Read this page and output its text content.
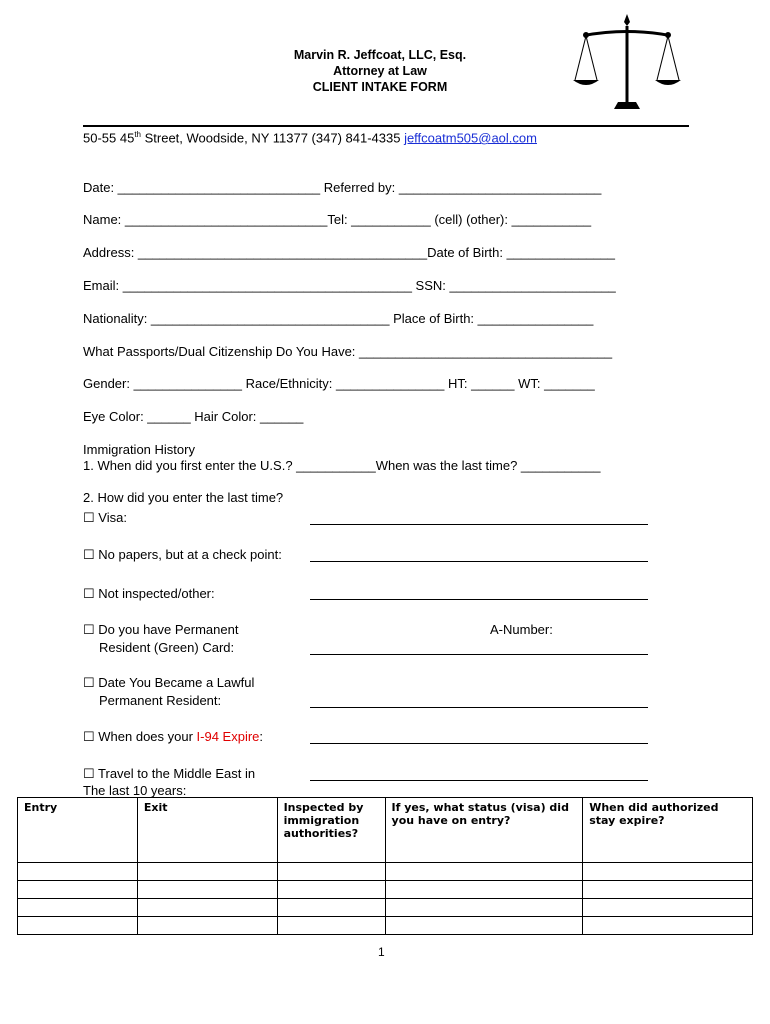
Marvin R. Jeffcoat, LLC, Esq.
Attorney at Law
CLIENT INTAKE FORM
50-55 45th Street, Woodside, NY 11377 (347) 841-4335 jeffcoatm505@aol.com
Date: ____________________________ Referred by: ____________________________
Name: ____________________________Tel: ___________ (cell) (other): ___________
Address: ________________________________________Date of Birth: _______________
Email: ________________________________________ SSN: _______________________
Nationality: _________________________________ Place of Birth: ________________
What Passports/Dual Citizenship Do You Have: ___________________________________
Gender: _______________ Race/Ethnicity: _______________ HT: ______ WT: _______
Eye Color: ______ Hair Color: ______
Immigration History
1. When did you first enter the U.S.? ___________When was the last time? ___________
2. How did you enter the last time?
☐ Visa:
☐ No papers, but at a check point:
☐ Not inspected/other:
☐ Do you have Permanent
Resident (Green) Card:
A-Number:
☐ Date You Became a Lawful
Permanent Resident:
☐ When does your I-94 Expire:
☐ Travel to the Middle East in
The last 10 years:
Entry	Exit	Inspected by immigration authorities?	If yes, what status (visa) did you have on entry?	When did authorized stay expire?

1
